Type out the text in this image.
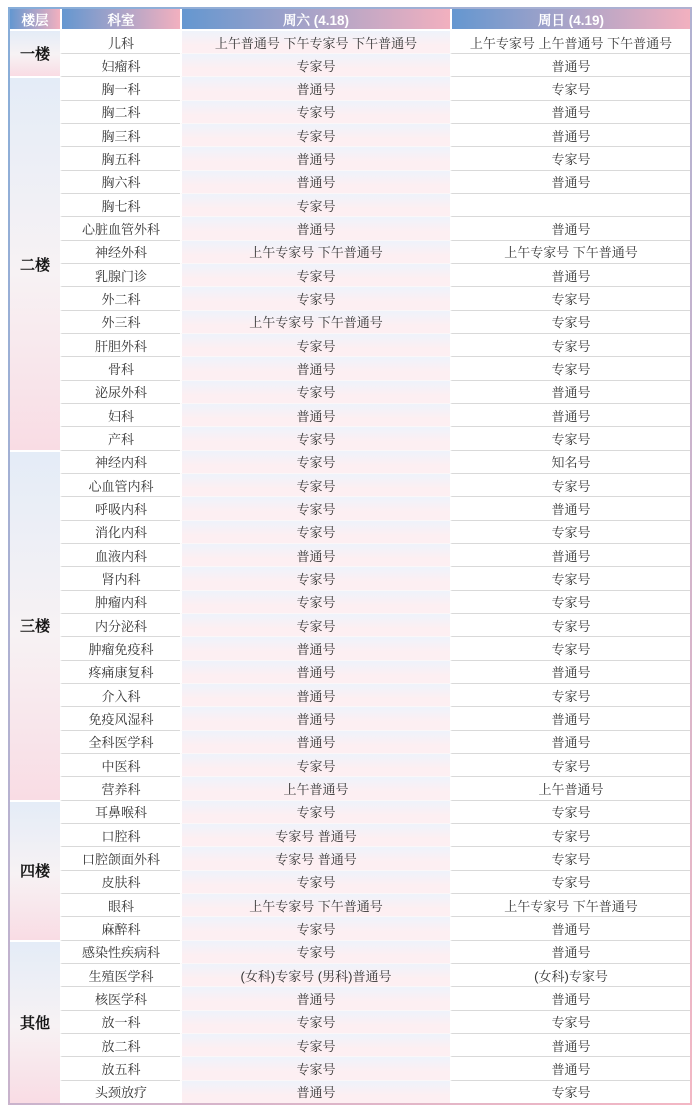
楼层	科室	周六 (4.18)	周日 (4.19)
一楼	儿科	上午普通号 下午专家号 下午普通号	上午专家号 上午普通号 下午普通号
	妇瘤科	专家号	普通号
二楼	胸一科	普通号	专家号
	胸二科	专家号	普通号
	胸三科	专家号	普通号
	胸五科	普通号	专家号
	胸六科	普通号	普通号
	胸七科	专家号	
	心脏血管外科	普通号	普通号
	神经外科	上午专家号 下午普通号	上午专家号 下午普通号
	乳腺门诊	专家号	普通号
	外二科	专家号	专家号
	外三科	上午专家号 下午普通号	专家号
	肝胆外科	专家号	专家号
	骨科	普通号	专家号
	泌尿外科	专家号	普通号
	妇科	普通号	普通号
	产科	专家号	专家号
三楼	神经内科	专家号	知名号
	心血管内科	专家号	专家号
	呼吸内科	专家号	普通号
	消化内科	专家号	专家号
	血液内科	普通号	普通号
	肾内科	专家号	专家号
	肿瘤内科	专家号	专家号
	内分泌科	专家号	专家号
	肿瘤免疫科	普通号	专家号
	疼痛康复科	普通号	普通号
	介入科	普通号	专家号
	免疫风湿科	普通号	普通号
	全科医学科	普通号	普通号
	中医科	专家号	专家号
	营养科	上午普通号	上午普通号
四楼	耳鼻喉科	专家号	专家号
	口腔科	专家号 普通号	专家号
	口腔颌面外科	专家号 普通号	专家号
	皮肤科	专家号	专家号
	眼科	上午专家号 下午普通号	上午专家号 下午普通号
	麻醉科	专家号	普通号
其他	感染性疾病科	专家号	普通号
	生殖医学科	(女科)专家号 (男科)普通号	(女科)专家号
	核医学科	普通号	普通号
	放一科	专家号	专家号
	放二科	专家号	普通号
	放五科	专家号	普通号
	头颈放疗	普通号	专家号
